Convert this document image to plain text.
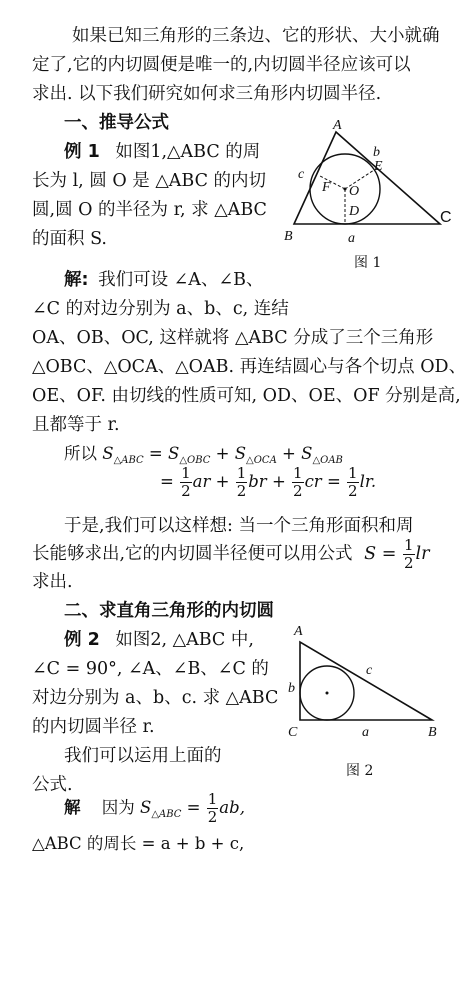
如果已知三角形的三条边、它的形状、大小就确
定了,它的内切圆便是唯一的,内切圆半径应该可以
求出. 以下我们研究如何求三角形内切圆半径.
一、推导公式
例 1 如图1,△ABC 的周
长为 l, 圆 O 是 △ABC 的内切
圆,圆 O 的半径为 r, 求 △ABC
的面积 S.
A
B
E
F O
D
a
b
c
C
图 1
解: 我们可设 ∠A、∠B、
∠C 的对边分别为 a、b、c, 连结
OA、OB、OC, 这样就将 △ABC 分成了三个三角形
△OBC、△OCA、△OAB. 再连结圆心与各个切点 OD、
OE、OF. 由切线的性质可知, OD、OE、OF 分别是高,
且都等于 r.
所以 $S_{\triangle ABC} = S_{\triangle OBC} + S_{\triangle OCA} + S_{\triangle OAB}$
= $\frac{1}{2}$ ar + $\frac{1}{2}$ br + $\frac{1}{2}$ cr = $\frac{1}{2}$ lr.
于是,我们可以这样想: 当一个三角形面积和周
长能够求出,它的内切圆半径便可以用公式 $S = \frac{1}{2}$ lr
求出.
二、求直角三角形的内切圆
例 2 如图2, △ABC 中,
∠C = 90°, ∠A、∠B、∠C 的
对边分别为 a、b、c. 求 △ABC
的内切圆半径 r.
我们可以运用上面的
公式.
A
C	B
b
a
c
图 2
解 因为 $S_{\triangle ABC} = \frac{1}{2}$ ab,
△ABC 的周长 = a + b + c,
